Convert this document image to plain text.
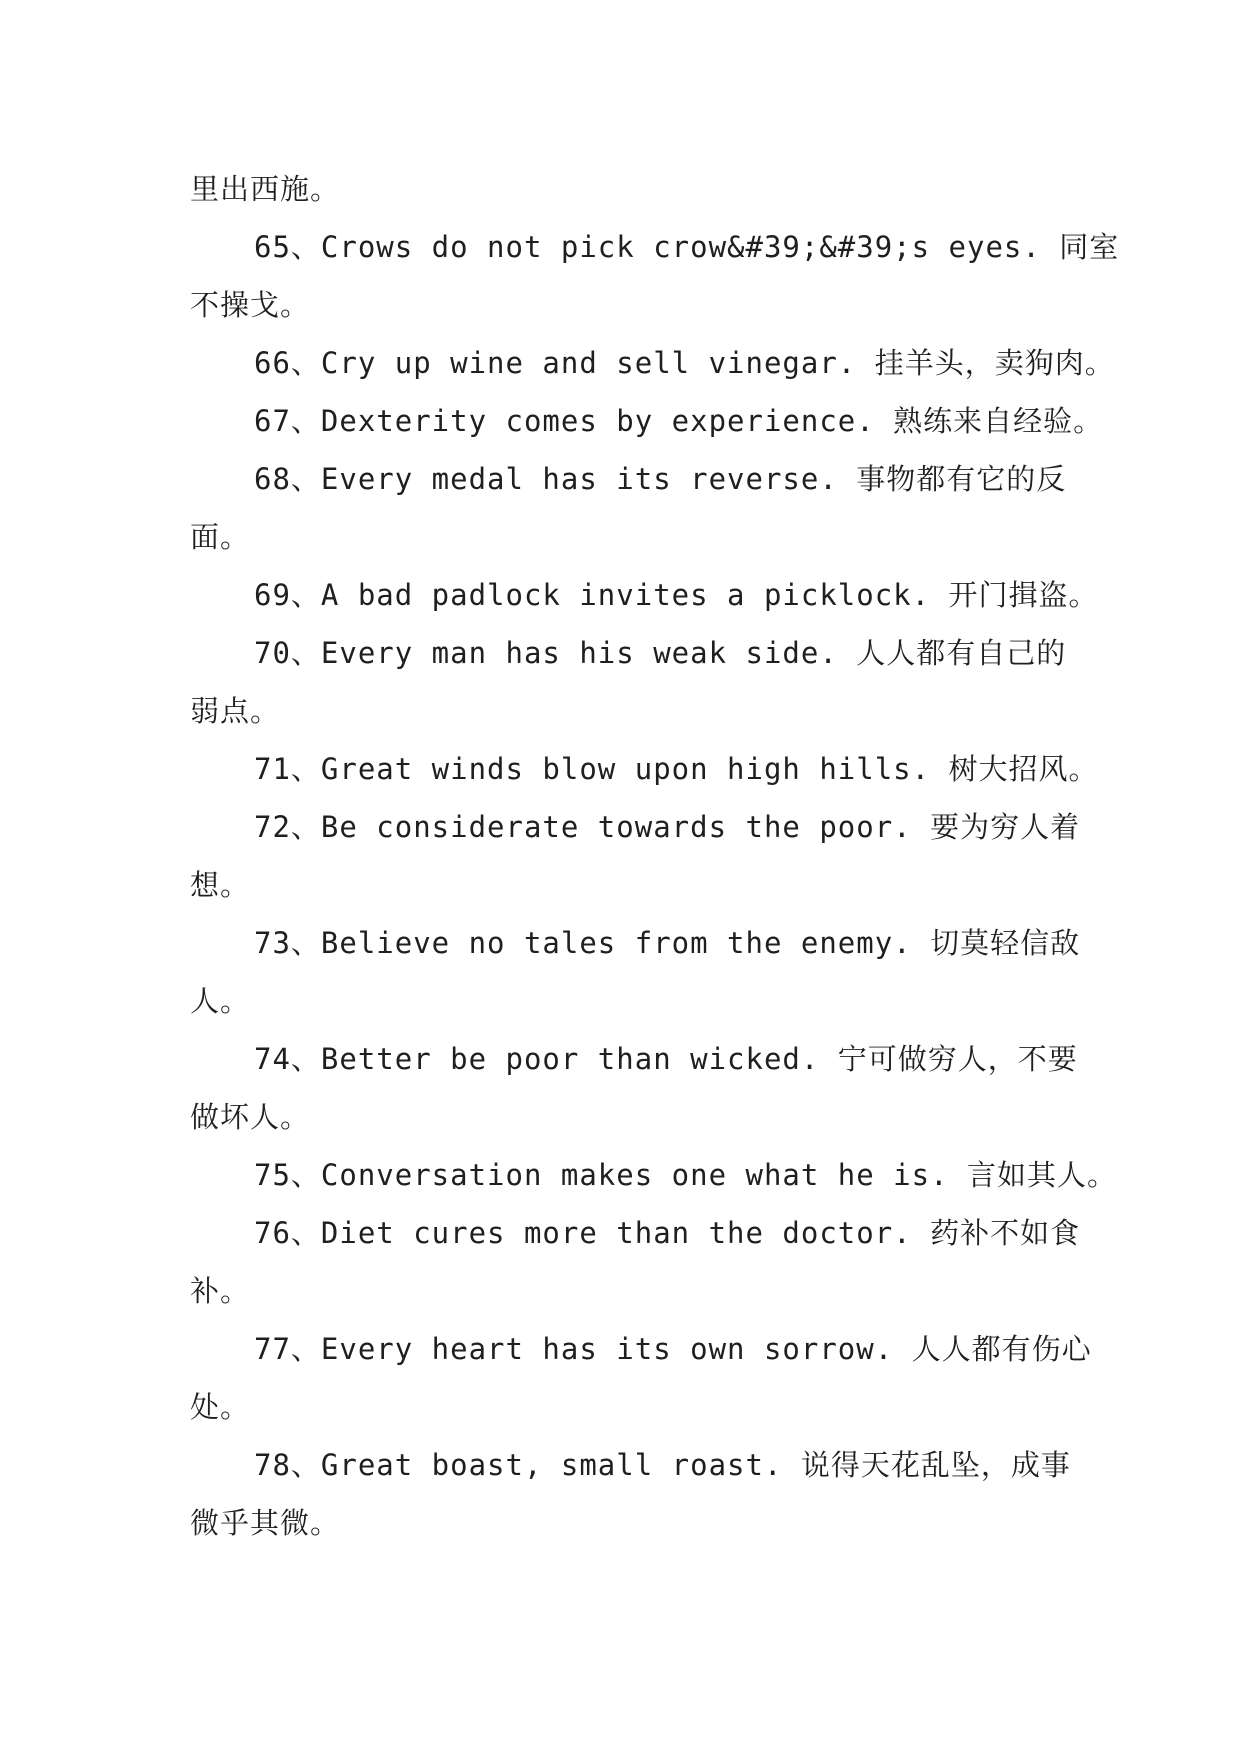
里出西施。
65、Crows do not pick crow&#39;&#39;s eyes. 同室
不操戈。
66、Cry up wine and sell vinegar. 挂羊头，卖狗肉。
67、Dexterity comes by experience. 熟练来自经验。
68、Every medal has its reverse. 事物都有它的反
面。
69、A bad padlock invites a picklock. 开门揖盗。
70、Every man has his weak side. 人人都有自己的
弱点。
71、Great winds blow upon high hills. 树大招风。
72、Be considerate towards the poor. 要为穷人着
想。
73、Believe no tales from the enemy. 切莫轻信敌
人。
74、Better be poor than wicked. 宁可做穷人，不要
做坏人。
75、Conversation makes one what he is. 言如其人。
76、Diet cures more than the doctor. 药补不如食
补。
77、Every heart has its own sorrow. 人人都有伤心
处。
78、Great boast, small roast. 说得天花乱坠，成事
微乎其微。
